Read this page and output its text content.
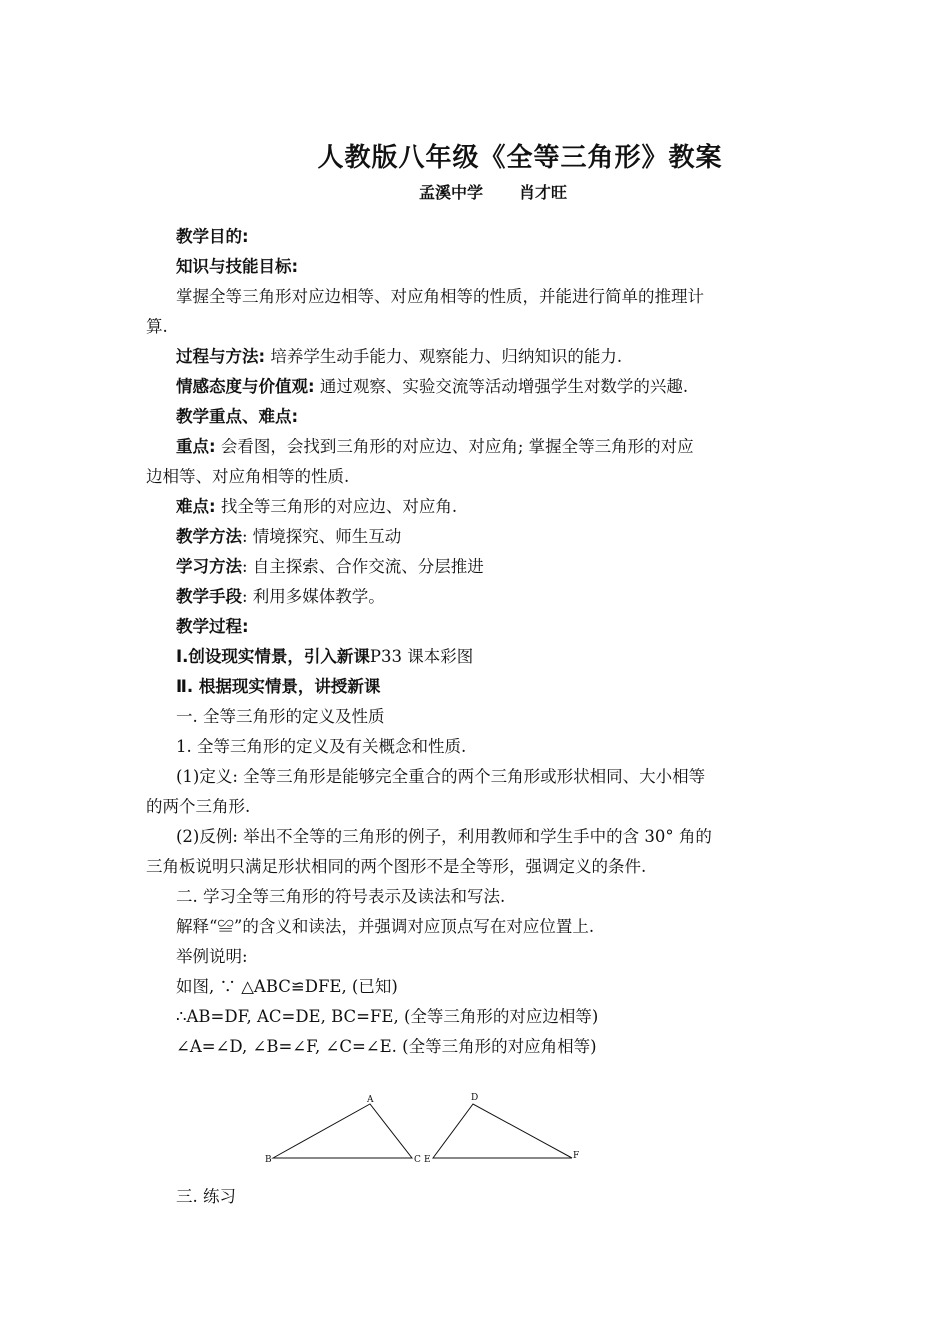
人教版八年级《全等三角形》教案
孟溪中学 肖才旺
教学目的:
知识与技能目标:
掌握全等三角形对应边相等、对应角相等的性质，并能进行简单的推理计
算.
过程与方法: 培养学生动手能力、观察能力、归纳知识的能力.
情感态度与价值观: 通过观察、实验交流等活动增强学生对数学的兴趣.
教学重点、难点:
重点: 会看图，会找到三角形的对应边、对应角; 掌握全等三角形的对应
边相等、对应角相等的性质.
难点: 找全等三角形的对应边、对应角.
教学方法: 情境探究、师生互动
学习方法: 自主探索、合作交流、分层推进
教学手段: 利用多媒体教学。
教学过程:
Ⅰ.创设现实情景，引入新课P33 课本彩图
Ⅱ. 根据现实情景，讲授新课
一. 全等三角形的定义及性质
1. 全等三角形的定义及有关概念和性质.
(1)定义: 全等三角形是能够完全重合的两个三角形或形状相同、大小相等
的两个三角形.
(2)反例: 举出不全等的三角形的例子，利用教师和学生手中的含 30° 角的
三角板说明只满足形状相同的两个图形不是全等形，强调定义的条件.
二. 学习全等三角形的符号表示及读法和写法.
解释“≌”的含义和读法，并强调对应顶点写在对应位置上.
举例说明:
如图, ∵ △ABC≌DFE, (已知)
∴AB=DF, AC=DE, BC=FE, (全等三角形的对应边相等)
∠A=∠D, ∠B=∠F, ∠C=∠E. (全等三角形的对应角相等)
A
B	C
D
E	F
三. 练习
